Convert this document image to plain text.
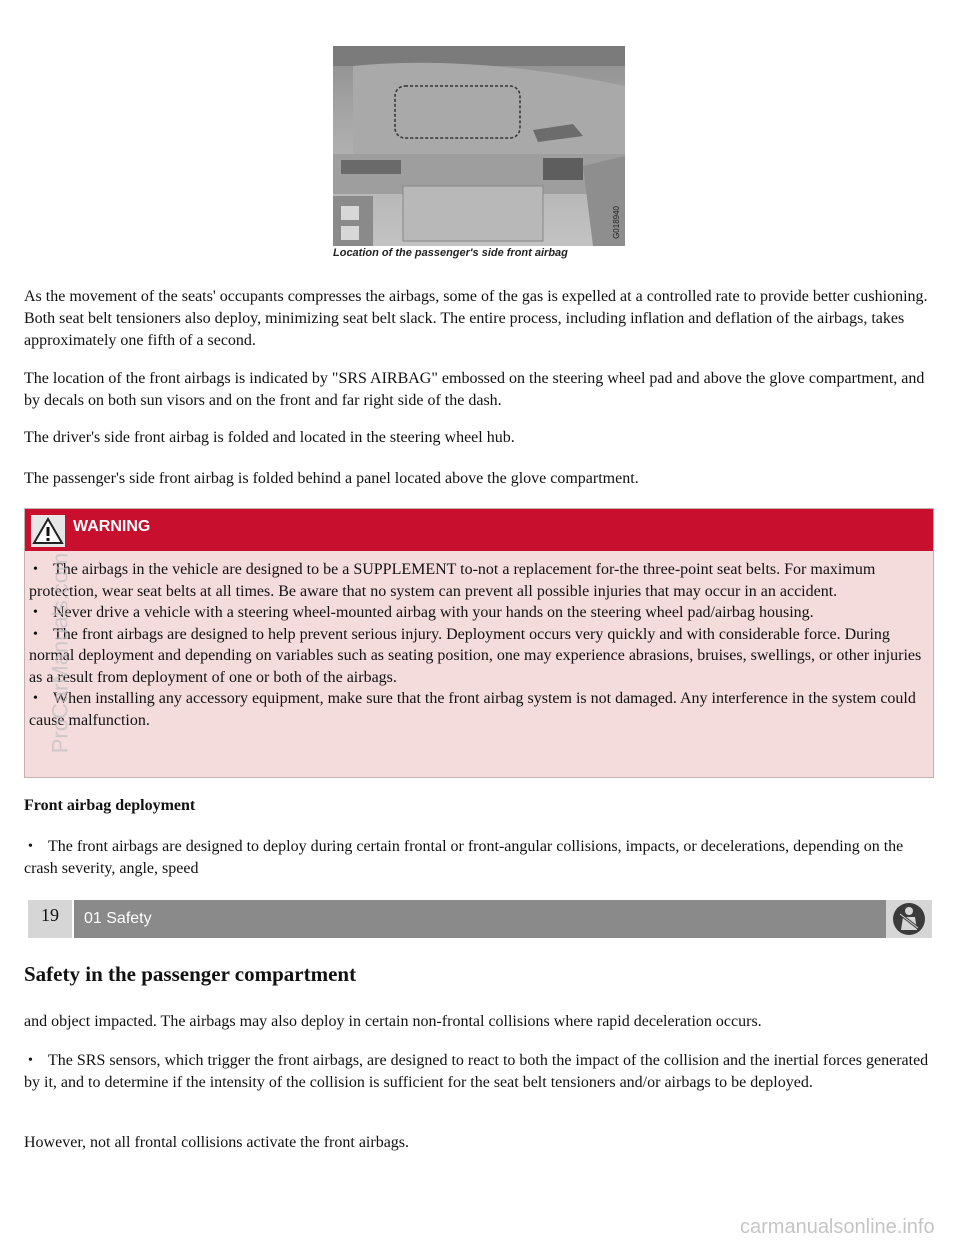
G018940
Location of the passenger's side front airbag

As the movement of the seats' occupants compresses the airbags, some of the gas is expelled at a controlled rate to provide better cushioning. Both seat belt tensioners also deploy, minimizing seat belt slack. The entire process, including inflation and deflation of the airbags, takes approximately one fifth of a second.

The location of the front airbags is indicated by "SRS AIRBAG" embossed on the steering wheel pad and above the glove compartment, and by decals on both sun visors and on the front and far right side of the dash.

The driver's side front airbag is folded and located in the steering wheel hub.

The passenger's side front airbag is folded behind a panel located above the glove compartment.

WARNING
• The airbags in the vehicle are designed to be a SUPPLEMENT to-not a replacement for-the three-point seat belts. For maximum protection, wear seat belts at all times. Be aware that no system can prevent all possible injuries that may occur in an accident.
• Never drive a vehicle with a steering wheel-mounted airbag with your hands on the steering wheel pad/airbag housing.
• The front airbags are designed to help prevent serious injury. Deployment occurs very quickly and with considerable force. During normal deployment and depending on variables such as seating position, one may experience abrasions, bruises, swellings, or other injuries as a result from deployment of one or both of the airbags.
• When installing any accessory equipment, make sure that the front airbag system is not damaged. Any interference in the system could cause malfunction.
Front airbag deployment
• The front airbags are designed to deploy during certain frontal or front-angular collisions, impacts, or decelerations, depending on the crash severity, angle, speed
19	01 Safety
Safety in the passenger compartment

and object impacted. The airbags may also deploy in certain non-frontal collisions where rapid deceleration occurs.

• The SRS sensors, which trigger the front airbags, are designed to react to both the impact of the collision and the inertial forces generated by it, and to determine if the intensity of the collision is sufficient for the seat belt tensioners and/or airbags to be deployed.

However, not all frontal collisions activate the front airbags.

ProCarManuals.com
carmanualsonline.info
